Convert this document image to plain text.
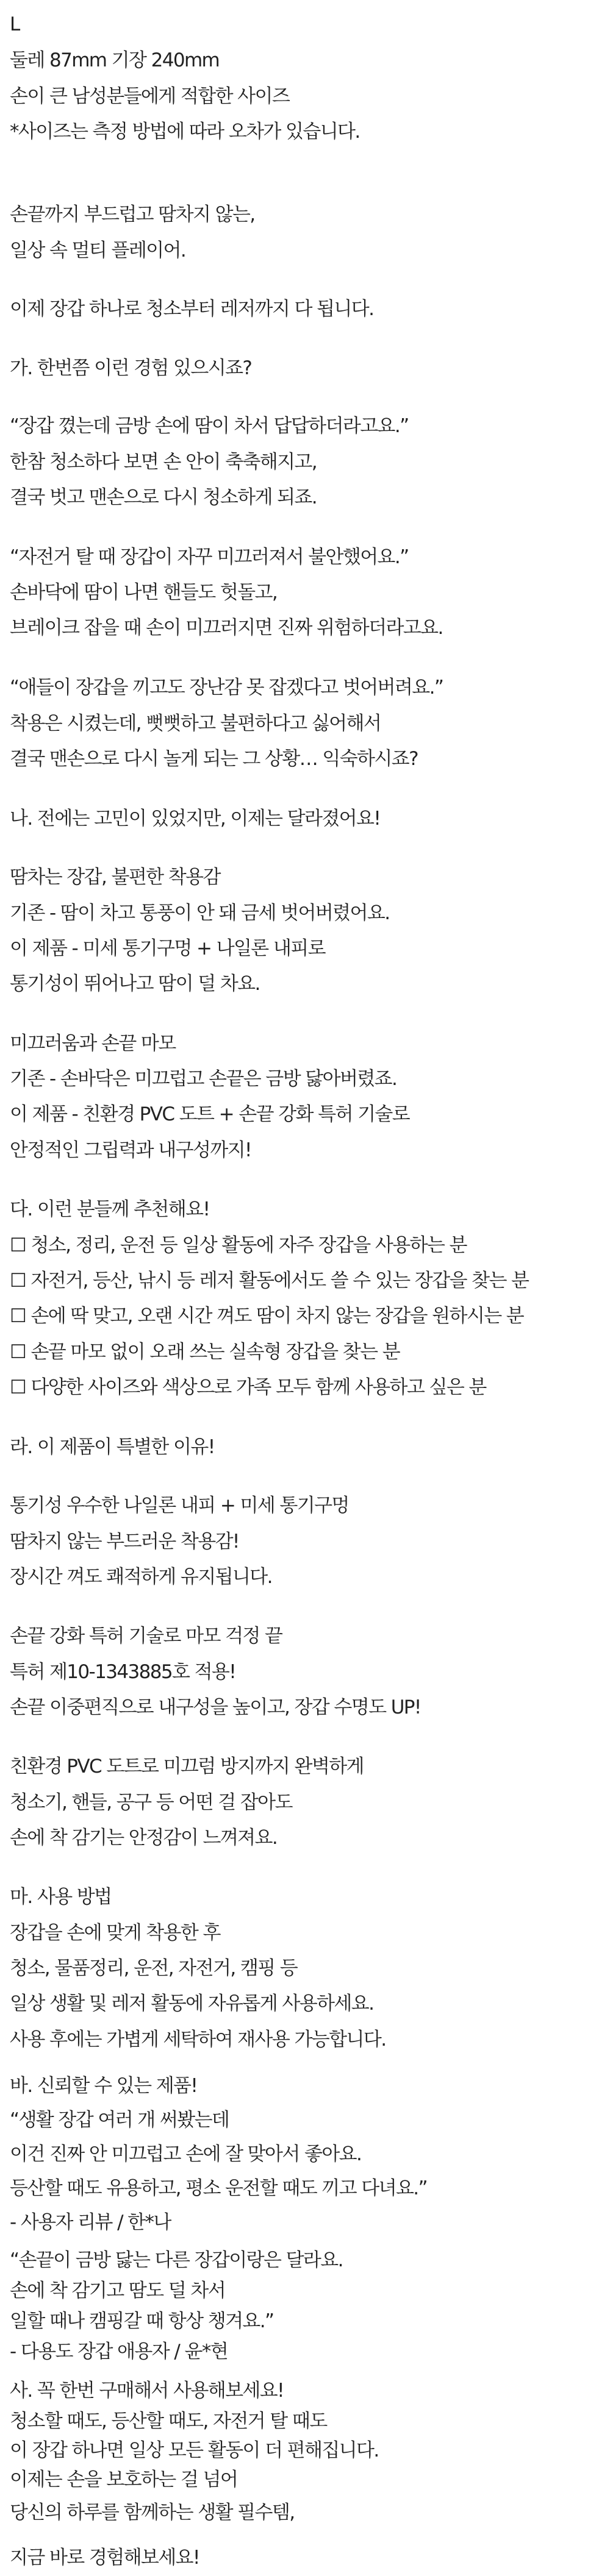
L

둘레 87mm 기장 240mm

손이 큰 남성분들에게 적합한 사이즈

*사이즈는 측정 방법에 따라 오차가 있습니다.

손끝까지 부드럽고 땀차지 않는,

일상 속 멀티 플레이어.

이제 장갑 하나로 청소부터 레저까지 다 됩니다.

가. 한번쯤 이런 경험 있으시죠?

“장갑 꼈는데 금방 손에 땀이 차서 답답하더라고요.”

한참 청소하다 보면 손 안이 축축해지고,

결국 벗고 맨손으로 다시 청소하게 되죠.

“자전거 탈 때 장갑이 자꾸 미끄러져서 불안했어요.”

손바닥에 땀이 나면 핸들도 헛돌고,

브레이크 잡을 때 손이 미끄러지면 진짜 위험하더라고요.

“애들이 장갑을 끼고도 장난감 못 잡겠다고 벗어버려요.”

착용은 시켰는데, 뻣뻣하고 불편하다고 싫어해서

결국 맨손으로 다시 놀게 되는 그 상황… 익숙하시죠?

나. 전에는 고민이 있었지만, 이제는 달라졌어요!

땀차는 장갑, 불편한 착용감

기존 - 땀이 차고 통풍이 안 돼 금세 벗어버렸어요.

이 제품 - 미세 통기구멍 + 나일론 내피로

통기성이 뛰어나고 땀이 덜 차요.

미끄러움과 손끝 마모

기존 - 손바닥은 미끄럽고 손끝은 금방 닳아버렸죠.

이 제품 - 친환경 PVC 도트 + 손끝 강화 특허 기술로

안정적인 그립력과 내구성까지!

다. 이런 분들께 추천해요!

☐ 청소, 정리, 운전 등 일상 활동에 자주 장갑을 사용하는 분

☐ 자전거, 등산, 낚시 등 레저 활동에서도 쓸 수 있는 장갑을 찾는 분

☐ 손에 딱 맞고, 오랜 시간 껴도 땀이 차지 않는 장갑을 원하시는 분

☐ 손끝 마모 없이 오래 쓰는 실속형 장갑을 찾는 분

☐ 다양한 사이즈와 색상으로 가족 모두 함께 사용하고 싶은 분

라. 이 제품이 특별한 이유!

통기성 우수한 나일론 내피 + 미세 통기구멍

땀차지 않는 부드러운 착용감!

장시간 껴도 쾌적하게 유지됩니다.

손끝 강화 특허 기술로 마모 걱정 끝

특허 제10-1343885호 적용!

손끝 이중편직으로 내구성을 높이고, 장갑 수명도 UP!

친환경 PVC 도트로 미끄럼 방지까지 완벽하게

청소기, 핸들, 공구 등 어떤 걸 잡아도

손에 착 감기는 안정감이 느껴져요.

마. 사용 방법

장갑을 손에 맞게 착용한 후

청소, 물품정리, 운전, 자전거, 캠핑 등

일상 생활 및 레저 활동에 자유롭게 사용하세요.

사용 후에는 가볍게 세탁하여 재사용 가능합니다.

바. 신뢰할 수 있는 제품!

“생활 장갑 여러 개 써봤는데

이건 진짜 안 미끄럽고 손에 잘 맞아서 좋아요.

등산할 때도 유용하고, 평소 운전할 때도 끼고 다녀요.”

- 사용자 리뷰 / 한*나

“손끝이 금방 닳는 다른 장갑이랑은 달라요.

손에 착 감기고 땀도 덜 차서

일할 때나 캠핑갈 때 항상 챙겨요.”

- 다용도 장갑 애용자 / 윤*현

사. 꼭 한번 구매해서 사용해보세요!

청소할 때도, 등산할 때도, 자전거 탈 때도

이 장갑 하나면 일상 모든 활동이 더 편해집니다.

이제는 손을 보호하는 걸 넘어

당신의 하루를 함께하는 생활 필수템,

지금 바로 경험해보세요!
